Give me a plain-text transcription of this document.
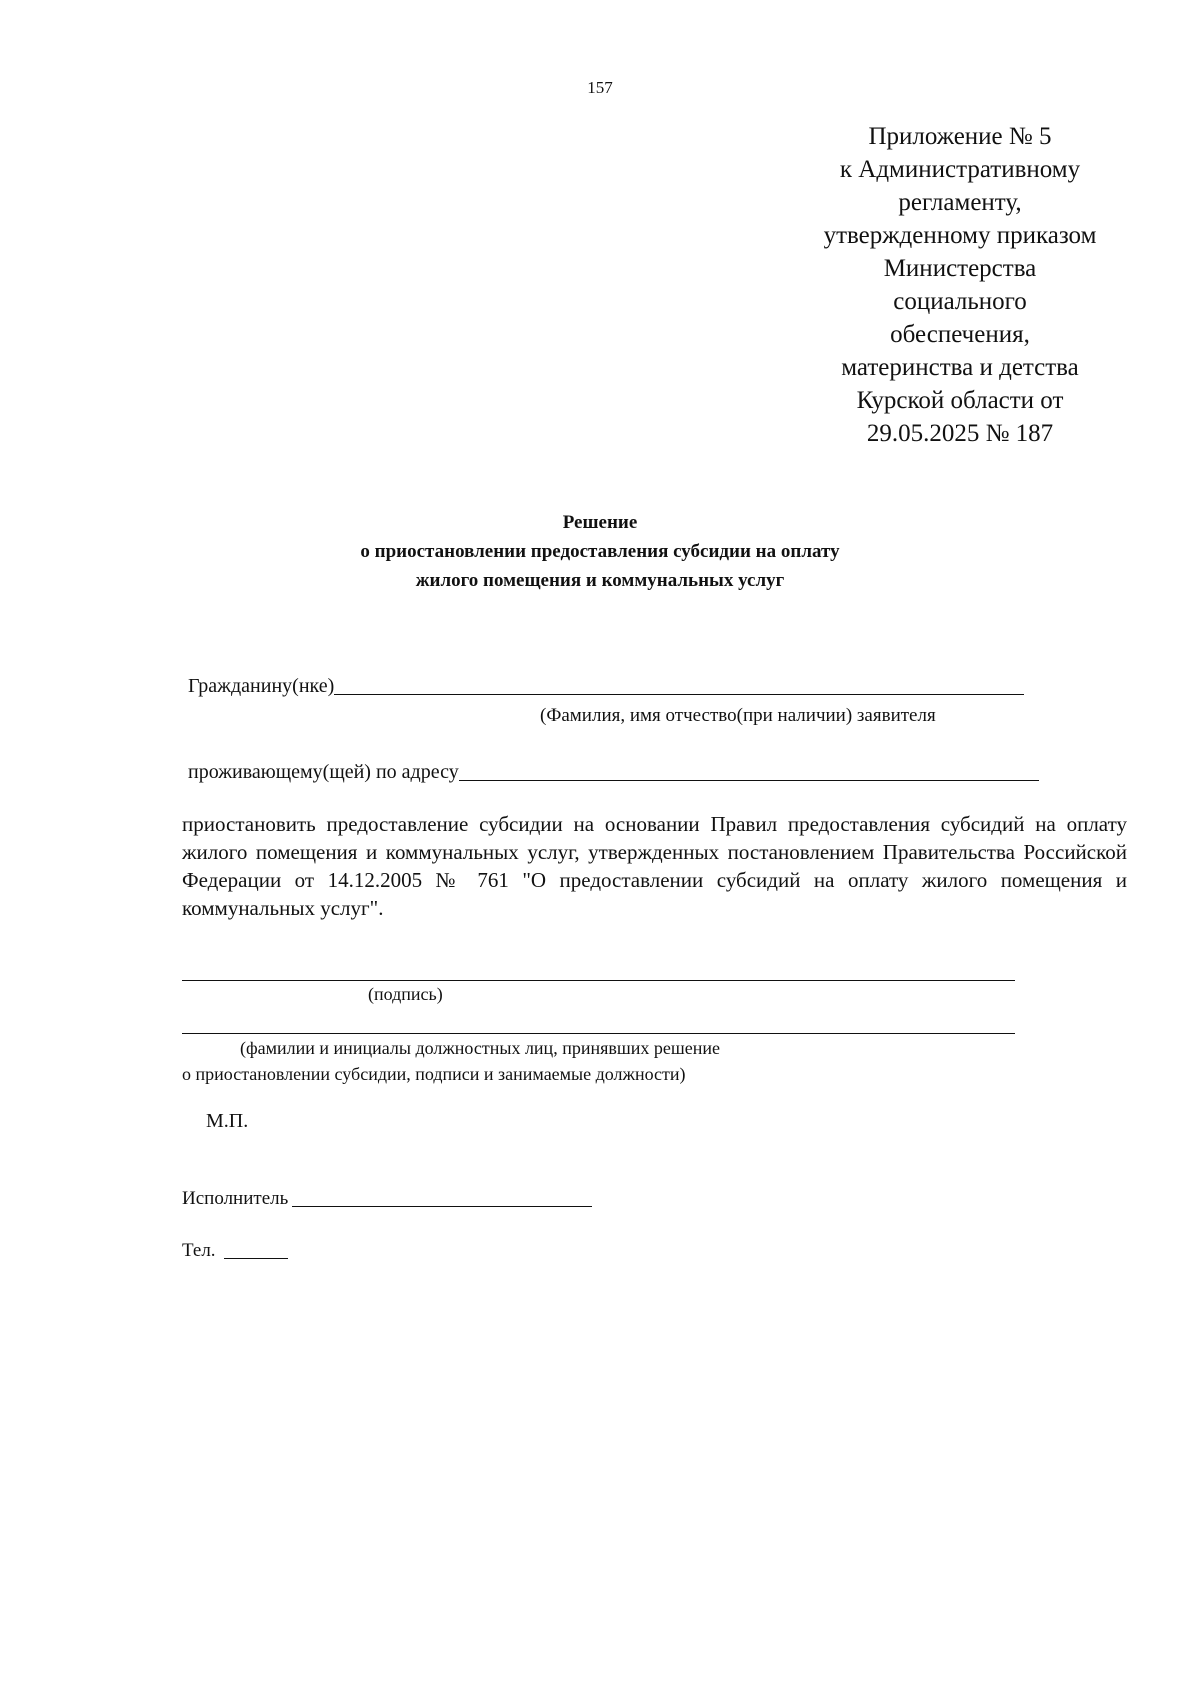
157
Приложение № 5
к Административному
регламенту,
утвержденному приказом
Министерства
социального
обеспечения,
материнства и детства
Курской области от
29.05.2025 № 187
Решение
о приостановлении предоставления субсидии на оплату
жилого помещения и коммунальных услуг
Гражданину(нке)
(Фамилия, имя отчество(при наличии) заявителя
проживающему(щей) по адресу
приостановить предоставление субсидии на основании Правил предоставления субсидий на оплату жилого помещения и коммунальных услуг, утвержденных постановлением Правительства Российской Федерации от 14.12.2005 № 761 "О предоставлении субсидий на оплату жилого помещения и коммунальных услуг".
(подпись)
(фамилии и инициалы должностных лиц, принявших решение
о приостановлении субсидии, подписи и занимаемые должности)
М.П.
Исполнитель
Тел.
